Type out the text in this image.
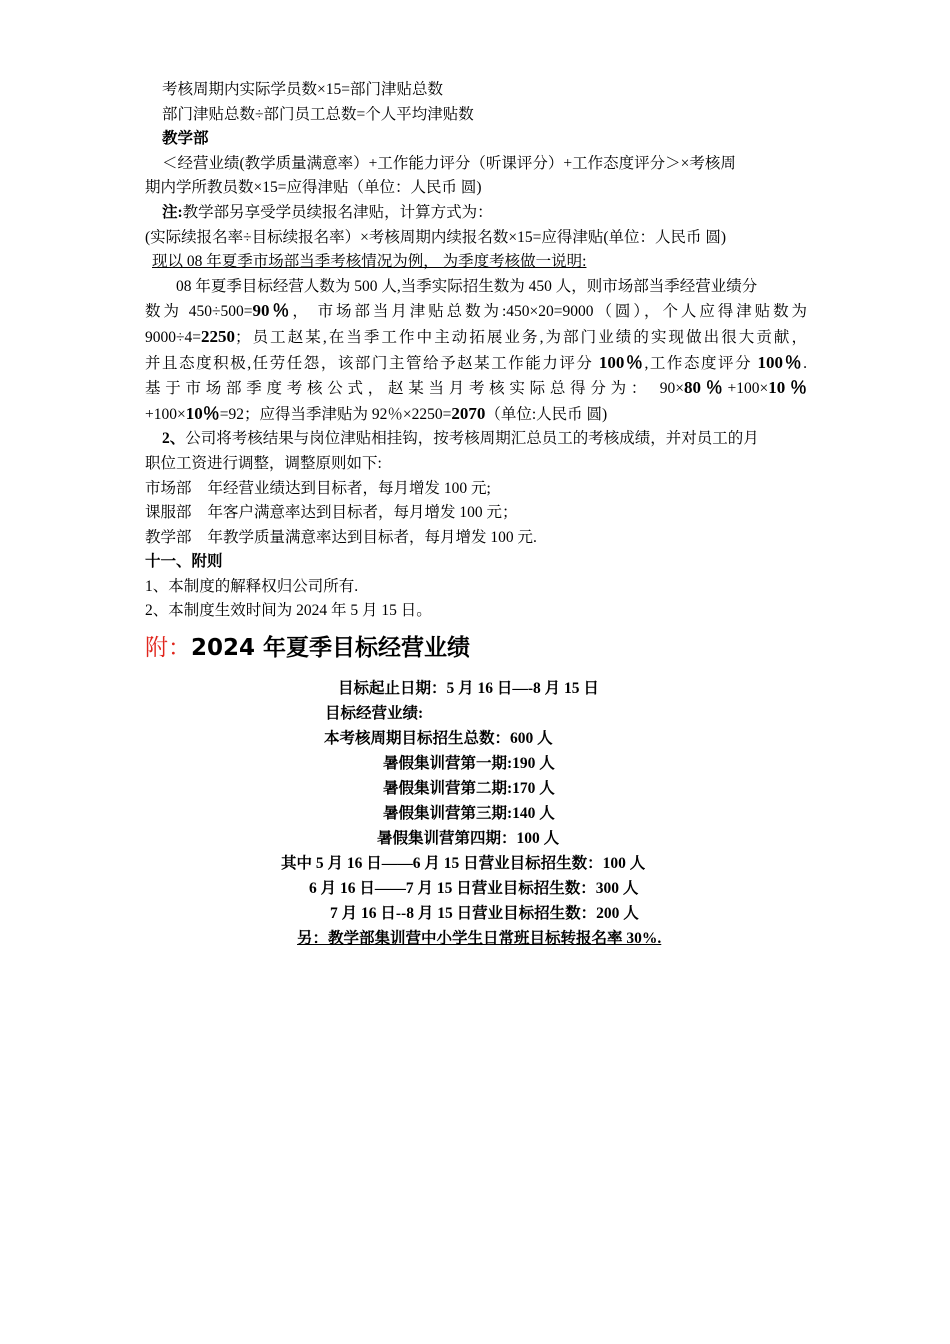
考核周期内实际学员数×15=部门津贴总数
部门津贴总数÷部门员工总数=个人平均津贴数
教学部
＜经营业绩(教学质量满意率）+工作能力评分（听课评分）+工作态度评分＞×考核周
期内学所教员数×15=应得津贴（单位：人民币 圆)
注:教学部另享受学员续报名津贴，计算方式为：
(实际续报名率÷目标续报名率）×考核周期内续报名数×15=应得津贴(单位：人民币 圆)
现以 08 年夏季市场部当季考核情况为例， 为季度考核做一说明:
08 年夏季目标经营人数为 500 人,当季实际招生数为 450 人，则市场部当季经营业绩分
数为 450÷500=90％， 市场部当月津贴总数为:450×20=9000（圆），个人应得津贴数为
9000÷4=2250；员工赵某,在当季工作中主动拓展业务,为部门业绩的实现做出很大贡献，
并且态度积极,任劳任怨，该部门主管给予赵某工作能力评分 100％,工作态度评分 100％.
基于市场部季度考核公式，赵某当月考核实际总得分为： 90×80％+100×10％
+100×10％=92；应得当季津贴为 92％×2250=2070（单位:人民币 圆)
2、公司将考核结果与岗位津贴相挂钩，按考核周期汇总员工的考核成绩，并对员工的月
职位工资进行调整，调整原则如下:
市场部 年经营业绩达到目标者，每月增发 100 元;
课服部 年客户满意率达到目标者，每月增发 100 元；
教学部 年教学质量满意率达到目标者，每月增发 100 元.
十一、附则
1、本制度的解释权归公司所有.
2、本制度生效时间为 2024 年 5 月 15 日。
附：2024 年夏季目标经营业绩
目标起止日期：5 月 16 日—-8 月 15 日
目标经营业绩:
本考核周期目标招生总数：600 人
暑假集训营第一期:190 人
暑假集训营第二期:170 人
暑假集训营第三期:140 人
暑假集训营第四期：100 人
其中 5 月 16 日——6 月 15 日营业目标招生数：100 人
6 月 16 日——7 月 15 日营业目标招生数：300 人
7 月 16 日--8 月 15 日营业目标招生数：200 人
另：教学部集训营中小学生日常班目标转报名率 30%.
